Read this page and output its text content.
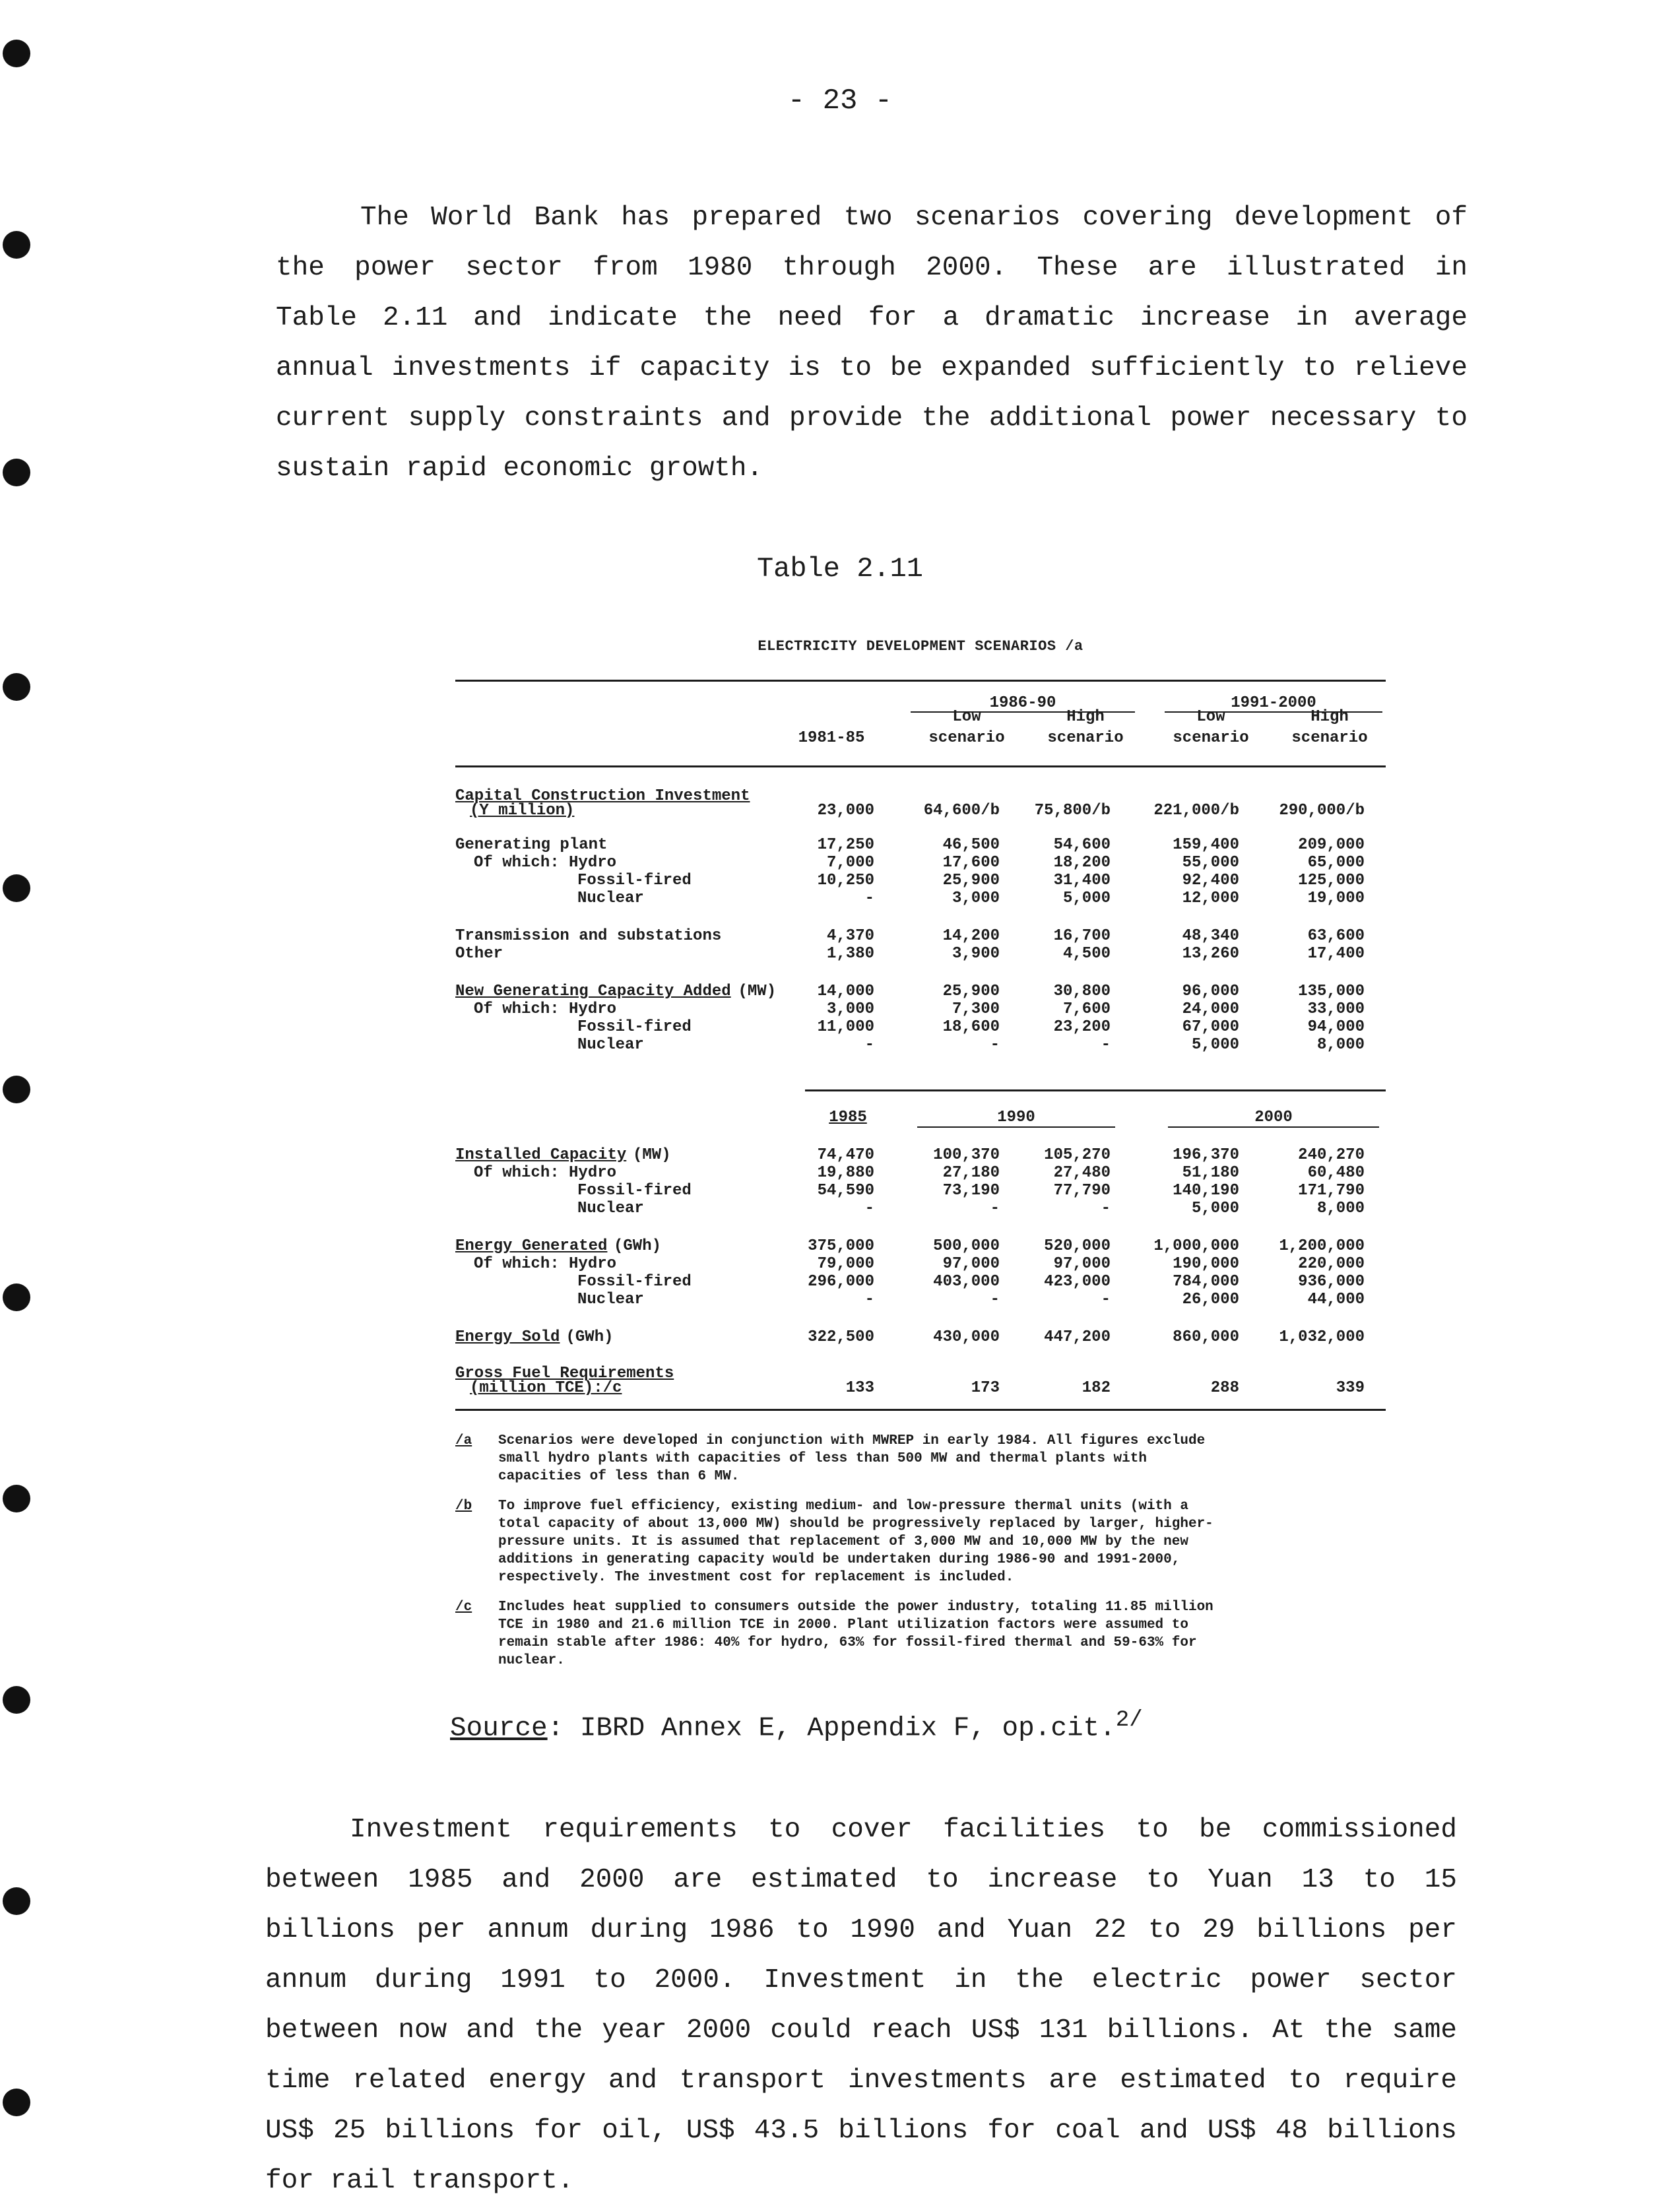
- 23 -
The World Bank has prepared two scenarios covering development of
the power sector from 1980 through 2000. These are illustrated in
Table 2.11 and indicate the need for a dramatic increase in average
annual investments if capacity is to be expanded sufficiently to relieve
current supply constraints and provide the additional power necessary to
sustain rapid economic growth.
Table 2.11
ELECTRICITY DEVELOPMENT SCENARIOS /a
1986-90	1991-2000
Low	High	Low	High
1981-85	scenario	scenario	scenario	scenario
1985	1990	2000
Capital Construction Investment
(Y million)	23,000	64,600/b	75,800/b	221,000/b	290,000/b
Generating plant	17,250	46,500	54,600	159,400	209,000
Of which: Hydro	7,000	17,600	18,200	55,000	65,000
Fossil-fired	10,250	25,900	31,400	92,400	125,000
Nuclear	-	3,000	5,000	12,000	19,000
Transmission and substations	4,370	14,200	16,700	48,340	63,600
Other	1,380	3,900	4,500	13,260	17,400
New Generating Capacity Added (MW)	14,000	25,900	30,800	96,000	135,000
Of which: Hydro	3,000	7,300	7,600	24,000	33,000
Fossil-fired	11,000	18,600	23,200	67,000	94,000
Nuclear	-	-	-	5,000	8,000
Installed Capacity (MW)	74,470	100,370	105,270	196,370	240,270
Of which: Hydro	19,880	27,180	27,480	51,180	60,480
Fossil-fired	54,590	73,190	77,790	140,190	171,790
Nuclear	-	-	-	5,000	8,000
Energy Generated (GWh)	375,000	500,000	520,000	1,000,000	1,200,000
Of which: Hydro	79,000	97,000	97,000	190,000	220,000
Fossil-fired	296,000	403,000	423,000	784,000	936,000
Nuclear	-	-	-	26,000	44,000
Energy Sold (GWh)	322,500	430,000	447,200	860,000	1,032,000
Gross Fuel Requirements
(million TCE):/c	133	173	182	288	339
/a Scenarios were developed in conjunction with MWREP in early 1984. All figures exclude
small hydro plants with capacities of less than 500 MW and thermal plants with
capacities of less than 6 MW.
/b To improve fuel efficiency, existing medium- and low-pressure thermal units (with a
total capacity of about 13,000 MW) should be progressively replaced by larger, higher-
pressure units. It is assumed that replacement of 3,000 MW and 10,000 MW by the new
additions in generating capacity would be undertaken during 1986-90 and 1991-2000,
respectively. The investment cost for replacement is included.
/c Includes heat supplied to consumers outside the power industry, totaling 11.85 million
TCE in 1980 and 21.6 million TCE in 2000. Plant utilization factors were assumed to
remain stable after 1986: 40% for hydro, 63% for fossil-fired thermal and 59-63% for
nuclear.
Source: IBRD Annex E, Appendix F, op.cit.$^{2/}$
Investment requirements to cover facilities to be commissioned
between 1985 and 2000 are estimated to increase to Yuan 13 to 15
billions per annum during 1986 to 1990 and Yuan 22 to 29 billions per
annum during 1991 to 2000. Investment in the electric power sector
between now and the year 2000 could reach US$ 131 billions. At the same
time related energy and transport investments are estimated to require
US$ 25 billions for oil, US$ 43.5 billions for coal and US$ 48 billions
for rail transport.
